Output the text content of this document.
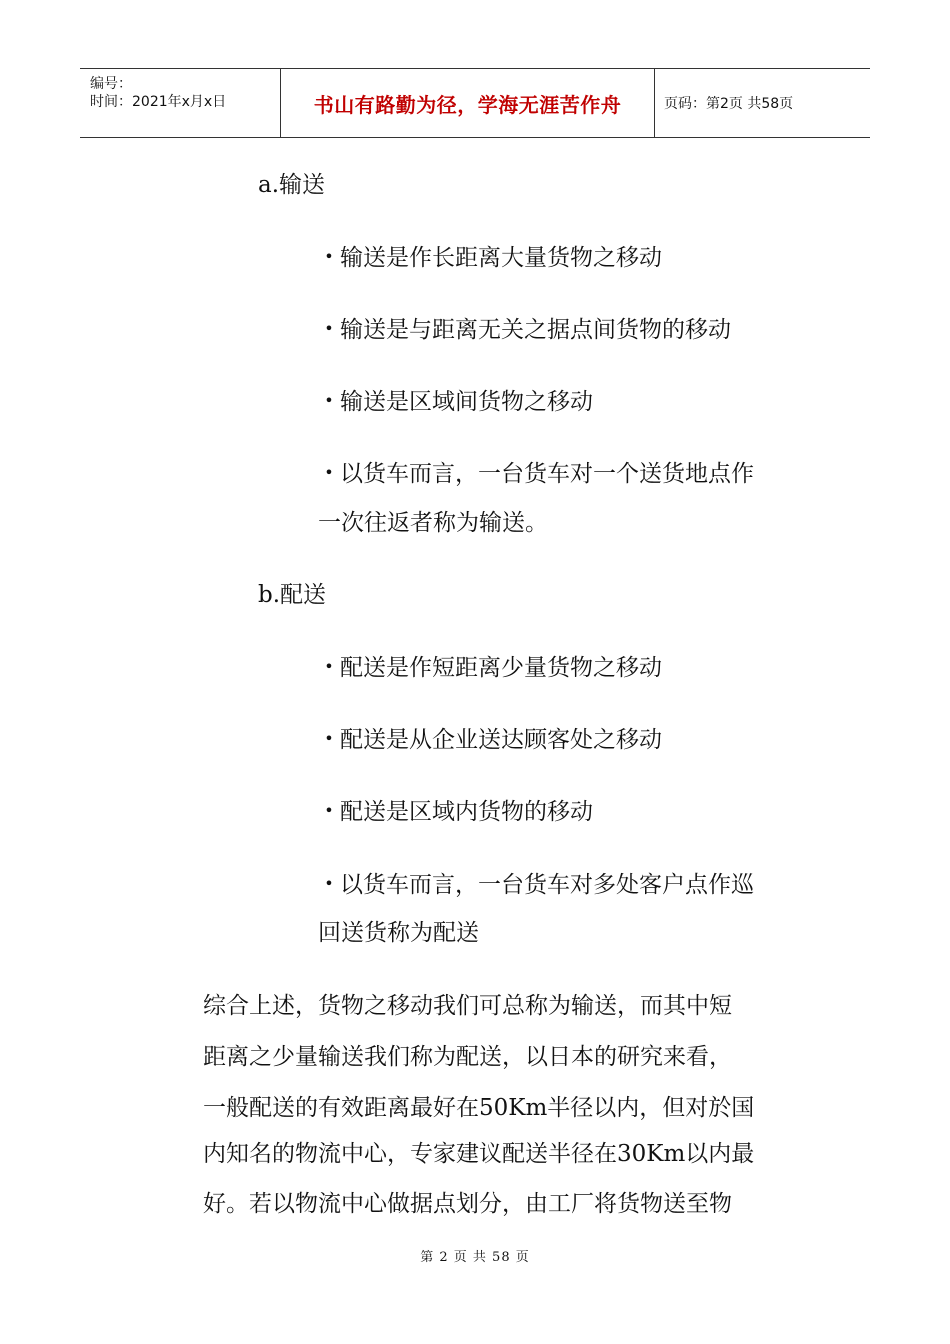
编号：
时间：2021年x月x日	书山有路勤为径，学海无涯苦作舟	页码：第2页 共58页
a.输送
• 输送是作长距离大量货物之移动
• 输送是与距离无关之据点间货物的移动
• 输送是区域间货物之移动
• 以货车而言，一台货车对一个送货地点作
一次往返者称为输送。
b.配送
• 配送是作短距离少量货物之移动
• 配送是从企业送达顾客处之移动
• 配送是区域内货物的移动
• 以货车而言，一台货车对多处客户点作巡
回送货称为配送
综合上述，货物之移动我们可总称为输送，而其中短
距离之少量输送我们称为配送，以日本的研究来看，
一般配送的有效距离最好在50Km半径以内，但对於国
内知名的物流中心，专家建议配送半径在30Km以内最
好。若以物流中心做据点划分，由工厂将货物送至物
第 2 页 共 58 页
